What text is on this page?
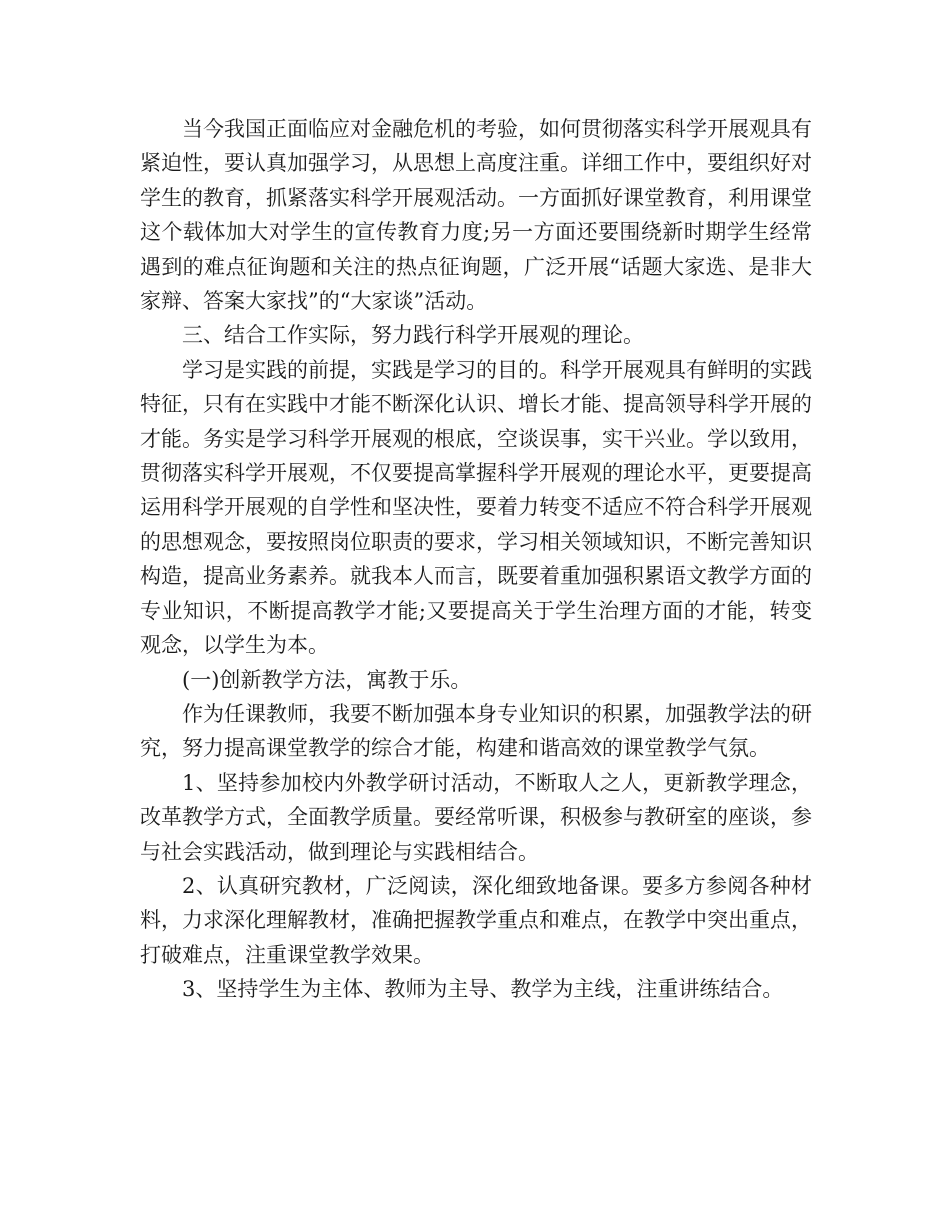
当今我国正面临应对金融危机的考验，如何贯彻落实科学开展观具有紧迫性，要认真加强学习，从思想上高度注重。详细工作中，要组织好对学生的教育，抓紧落实科学开展观活动。一方面抓好课堂教育，利用课堂这个载体加大对学生的宣传教育力度;另一方面还要围绕新时期学生经常遇到的难点征询题和关注的热点征询题，广泛开展“话题大家选、是非大家辩、答案大家找”的“大家谈”活动。

三、结合工作实际，努力践行科学开展观的理论。

学习是实践的前提，实践是学习的目的。科学开展观具有鲜明的实践特征，只有在实践中才能不断深化认识、增长才能、提高领导科学开展的才能。务实是学习科学开展观的根底，空谈误事，实干兴业。学以致用，贯彻落实科学开展观，不仅要提高掌握科学开展观的理论水平，更要提高运用科学开展观的自学性和坚决性，要着力转变不适应不符合科学开展观的思想观念，要按照岗位职责的要求，学习相关领域知识，不断完善知识构造，提高业务素养。就我本人而言，既要着重加强积累语文教学方面的专业知识，不断提高教学才能;又要提高关于学生治理方面的才能，转变观念，以学生为本。

(一)创新教学方法，寓教于乐。

作为任课教师，我要不断加强本身专业知识的积累，加强教学法的研究，努力提高课堂教学的综合才能，构建和谐高效的课堂教学气氛。

1、坚持参加校内外教学研讨活动，不断取人之人，更新教学理念，改革教学方式，全面教学质量。要经常听课，积极参与教研室的座谈，参与社会实践活动，做到理论与实践相结合。

2、认真研究教材，广泛阅读，深化细致地备课。要多方参阅各种材料，力求深化理解教材，准确把握教学重点和难点，在教学中突出重点，打破难点，注重课堂教学效果。

3、坚持学生为主体、教师为主导、教学为主线，注重讲练结合。
